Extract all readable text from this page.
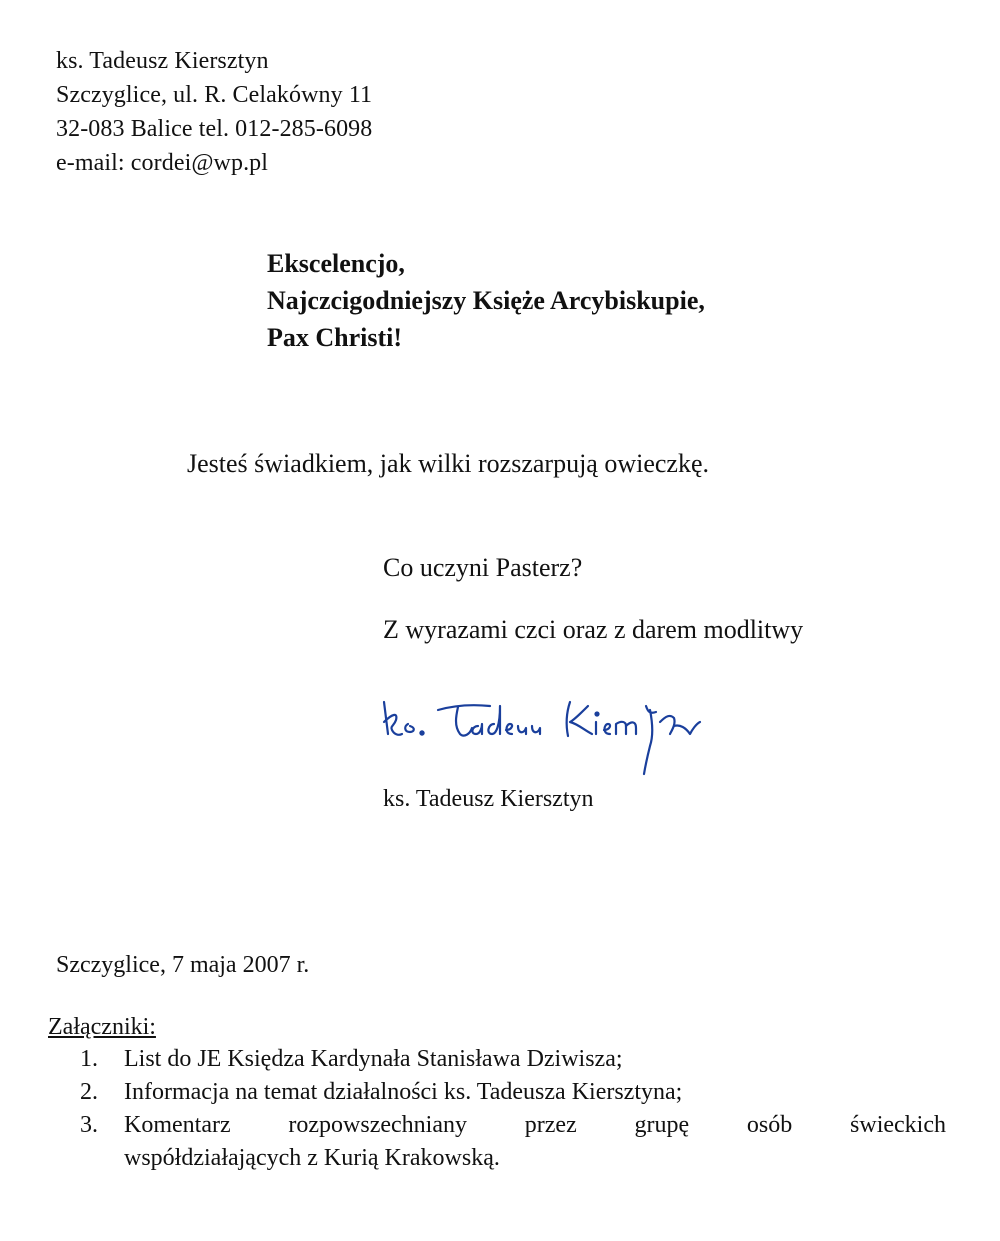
ks. Tadeusz Kiersztyn
Szczyglice, ul. R. Celakówny 11
32-083 Balice tel. 012-285-6098
e-mail: cordei@wp.pl
Ekscelencjo,
Najczcigodniejszy Księże Arcybiskupie,
Pax Christi!
Jesteś świadkiem, jak wilki rozszarpują owieczkę.
Co uczyni Pasterz?
Z wyrazami czci oraz z darem modlitwy
ks. Tadeusz Kiersztyn
Szczyglice, 7 maja 2007 r.
Załączniki:
1.	List do JE Księdza Kardynała Stanisława Dziwisza;
2.	Informacja na temat działalności ks. Tadeusza Kiersztyna;
3.	Komentarz rozpowszechniany przez grupę osób świeckich
współdziałających z Kurią Krakowską.
